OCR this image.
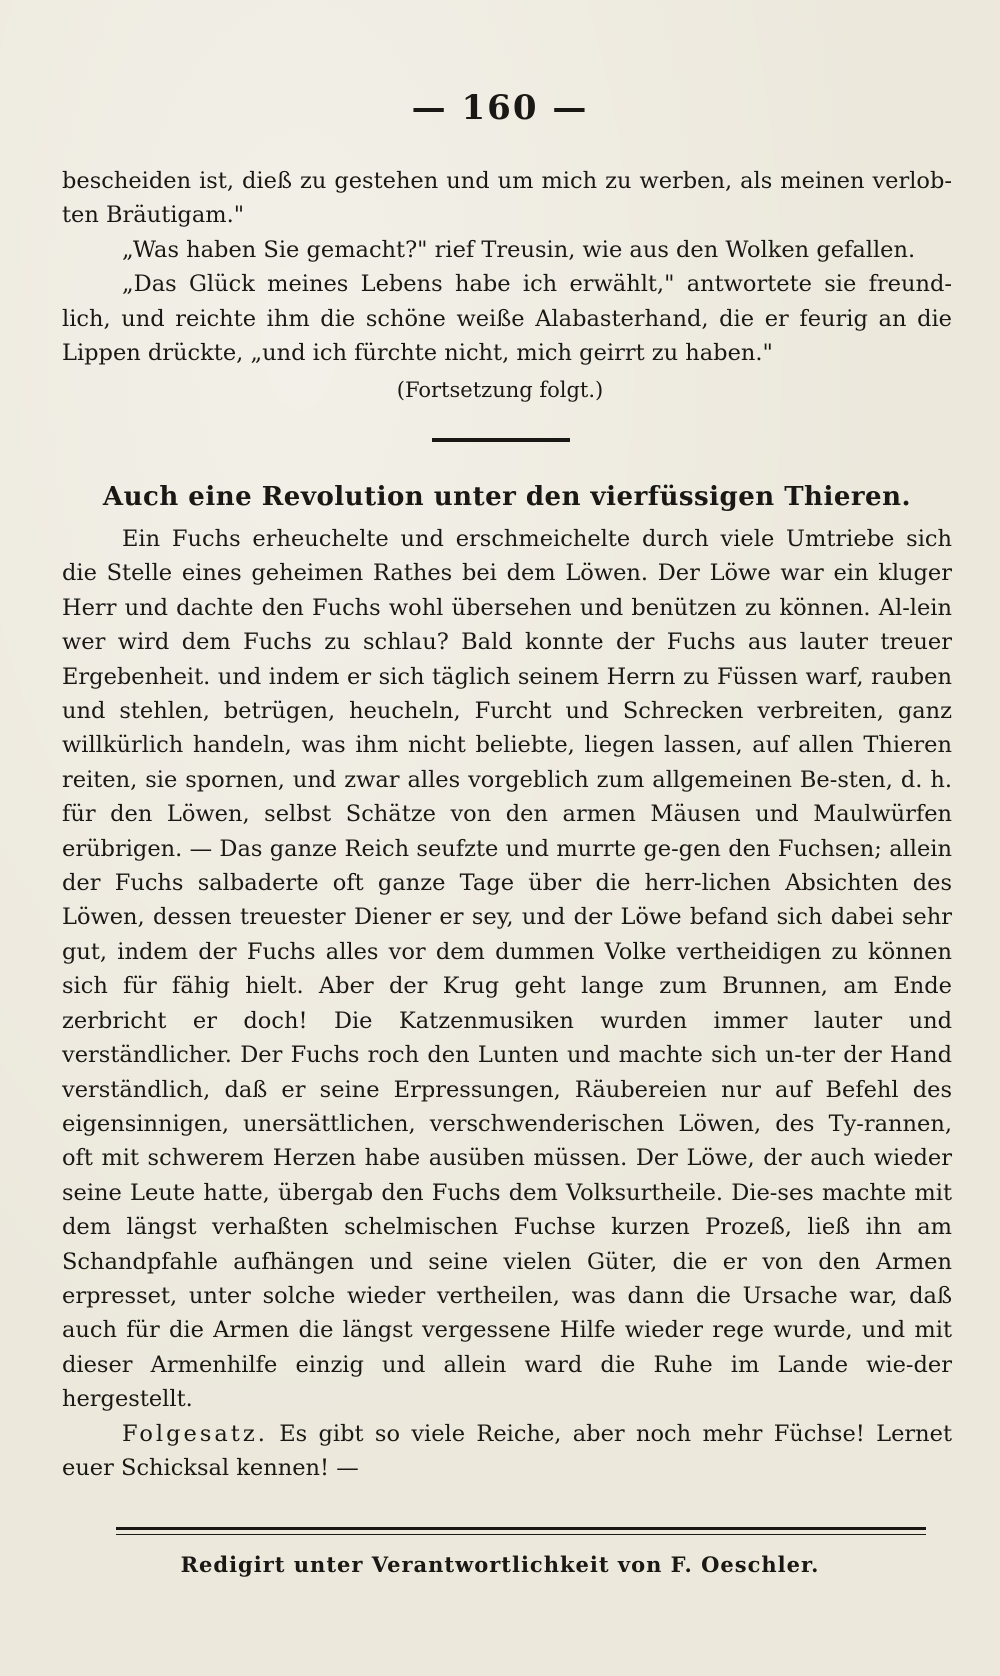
— 160 —

bescheiden ist, dieß zu gestehen und um mich zu werben, als meinen verlob-ten Bräutigam."

„Was haben Sie gemacht?" rief Treusin, wie aus den Wolken gefallen.

„Das Glück meines Lebens habe ich erwählt," antwortete sie freund-lich, und reichte ihm die schöne weiße Alabasterhand, die er feurig an die Lippen drückte, „und ich fürchte nicht, mich geirrt zu haben."

(Fortsetzung folgt.)
Auch eine Revolution unter den vierfüssigen Thieren.

Ein Fuchs erheuchelte und erschmeichelte durch viele Umtriebe sich die Stelle eines geheimen Rathes bei dem Löwen. Der Löwe war ein kluger Herr und dachte den Fuchs wohl übersehen und benützen zu können. Al-lein wer wird dem Fuchs zu schlau? Bald konnte der Fuchs aus lauter treuer Ergebenheit. und indem er sich täglich seinem Herrn zu Füssen warf, rauben und stehlen, betrügen, heucheln, Furcht und Schrecken verbreiten, ganz willkürlich handeln, was ihm nicht beliebte, liegen lassen, auf allen Thieren reiten, sie spornen, und zwar alles vorgeblich zum allgemeinen Be-sten, d. h. für den Löwen, selbst Schätze von den armen Mäusen und Maulwürfen erübrigen. — Das ganze Reich seufzte und murrte ge-gen den Fuchsen; allein der Fuchs salbaderte oft ganze Tage über die herr-lichen Absichten des Löwen, dessen treuester Diener er sey, und der Löwe befand sich dabei sehr gut, indem der Fuchs alles vor dem dummen Volke vertheidigen zu können sich für fähig hielt. Aber der Krug geht lange zum Brunnen, am Ende zerbricht er doch! Die Katzenmusiken wurden immer lauter und verständlicher. Der Fuchs roch den Lunten und machte sich un-ter der Hand verständlich, daß er seine Erpressungen, Räubereien nur auf Befehl des eigensinnigen, unersättlichen, verschwenderischen Löwen, des Ty-rannen, oft mit schwerem Herzen habe ausüben müssen. Der Löwe, der auch wieder seine Leute hatte, übergab den Fuchs dem Volksurtheile. Die-ses machte mit dem längst verhaßten schelmischen Fuchse kurzen Prozeß, ließ ihn am Schandpfahle aufhängen und seine vielen Güter, die er von den Armen erpresset, unter solche wieder vertheilen, was dann die Ursache war, daß auch für die Armen die längst vergessene Hilfe wieder rege wurde, und mit dieser Armenhilfe einzig und allein ward die Ruhe im Lande wie-der hergestellt.

Folgesatz. Es gibt so viele Reiche, aber noch mehr Füchse! Lernet euer Schicksal kennen! —

Redigirt unter Verantwortlichkeit von F. Oeschler.
